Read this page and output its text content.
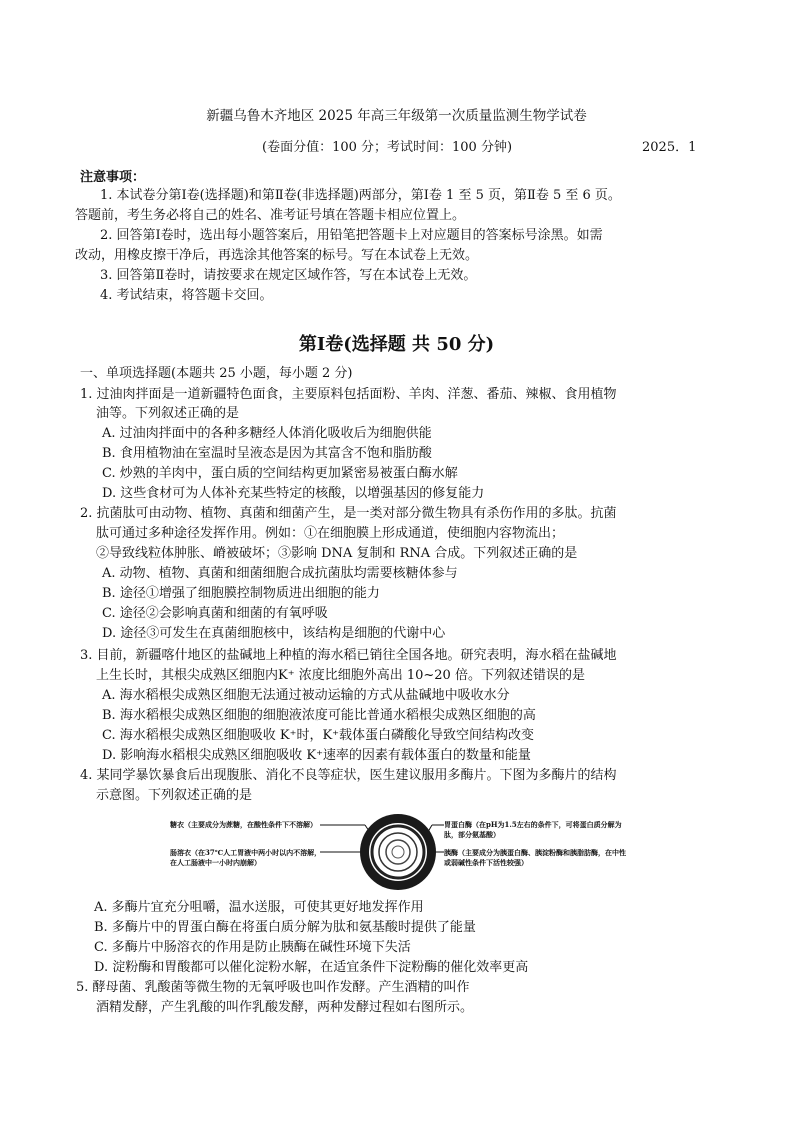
新疆乌鲁木齐地区 2025 年高三年级第一次质量监测生物学试卷
(卷面分值：100 分；考试时间：100 分钟)	2025．1
注意事项：
1. 本试卷分第Ⅰ卷(选择题)和第Ⅱ卷(非选择题)两部分，第Ⅰ卷 1 至 5 页，第Ⅱ卷 5 至 6 页。
答题前，考生务必将自己的姓名、准考证号填在答题卡相应位置上。
2. 回答第Ⅰ卷时，选出每小题答案后，用铅笔把答题卡上对应题目的答案标号涂黑。如需
改动，用橡皮擦干净后，再选涂其他答案的标号。写在本试卷上无效。
3. 回答第Ⅱ卷时，请按要求在规定区域作答，写在本试卷上无效。
4. 考试结束，将答题卡交回。
第Ⅰ卷(选择题 共 50 分)
一、单项选择题(本题共 25 小题，每小题 2 分)
1. 过油肉拌面是一道新疆特色面食，主要原料包括面粉、羊肉、洋葱、番茄、辣椒、食用植物
油等。下列叙述正确的是
A. 过油肉拌面中的各种多糖经人体消化吸收后为细胞供能
B. 食用植物油在室温时呈液态是因为其富含不饱和脂肪酸
C. 炒熟的羊肉中，蛋白质的空间结构更加紧密易被蛋白酶水解
D. 这些食材可为人体补充某些特定的核酸，以增强基因的修复能力
2. 抗菌肽可由动物、植物、真菌和细菌产生，是一类对部分微生物具有杀伤作用的多肽。抗菌
肽可通过多种途径发挥作用。例如：①在细胞膜上形成通道，使细胞内容物流出；
②导致线粒体肿胀、嵴被破坏；③影响 DNA 复制和 RNA 合成。下列叙述正确的是
A. 动物、植物、真菌和细菌细胞合成抗菌肽均需要核糖体参与
B. 途径①增强了细胞膜控制物质进出细胞的能力
C. 途径②会影响真菌和细菌的有氧呼吸
D. 途径③可发生在真菌细胞核中，该结构是细胞的代谢中心
3. 目前，新疆喀什地区的盐碱地上种植的海水稻已销往全国各地。研究表明，海水稻在盐碱地
上生长时，其根尖成熟区细胞内K⁺ 浓度比细胞外高出 10~20 倍。下列叙述错误的是
A. 海水稻根尖成熟区细胞无法通过被动运输的方式从盐碱地中吸收水分
B. 海水稻根尖成熟区细胞的细胞液浓度可能比普通水稻根尖成熟区细胞的高
C. 海水稻根尖成熟区细胞吸收 K⁺时，K⁺载体蛋白磷酸化导致空间结构改变
D. 影响海水稻根尖成熟区细胞吸收 K⁺速率的因素有载体蛋白的数量和能量
4. 某同学暴饮暴食后出现腹胀、消化不良等症状，医生建议服用多酶片。下图为多酶片的结构
示意图。下列叙述正确的是
糖衣（主要成分为蔗糖，在酸性条件下不溶解）
肠溶衣（在37℃人工胃液中两小时以内不溶解，在人工肠液中一小时内崩解）
胃蛋白酶（在pH为1.5左右的条件下，可将蛋白质分解为肽，部分氨基酸）
胰酶（主要成分为胰蛋白酶、胰淀粉酶和胰脂肪酶，在中性或弱碱性条件下活性较强）
A. 多酶片宜充分咀嚼，温水送服，可使其更好地发挥作用
B. 多酶片中的胃蛋白酶在将蛋白质分解为肽和氨基酸时提供了能量
C. 多酶片中肠溶衣的作用是防止胰酶在碱性环境下失活
D. 淀粉酶和胃酸都可以催化淀粉水解，在适宜条件下淀粉酶的催化效率更高
5. 酵母菌、乳酸菌等微生物的无氧呼吸也叫作发酵。产生酒精的叫作
酒精发酵，产生乳酸的叫作乳酸发酵，两种发酵过程如右图所示。
